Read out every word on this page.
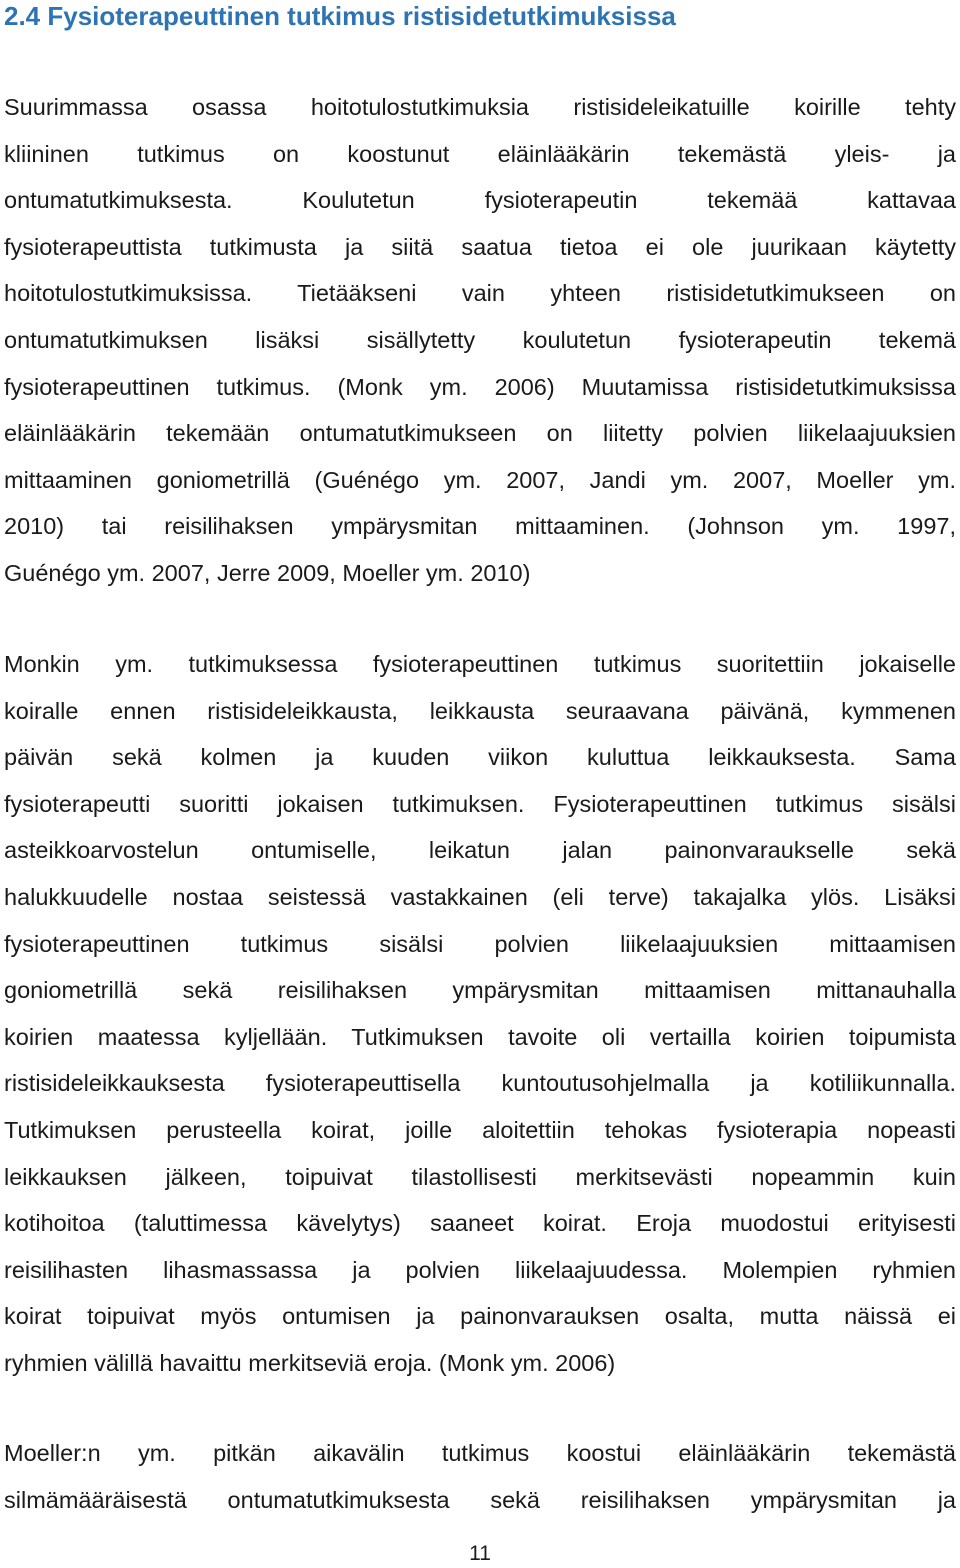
2.4 Fysioterapeuttinen tutkimus ristisidetutkimuksissa
Suurimmassa osassa hoitotulostutkimuksia ristisideleikatuille koirille tehty
kliininen tutkimus on koostunut eläinlääkärin tekemästä yleis- ja
ontumatutkimuksesta. Koulutetun fysioterapeutin tekemää kattavaa
fysioterapeuttista tutkimusta ja siitä saatua tietoa ei ole juurikaan käytetty
hoitotulostutkimuksissa. Tietääkseni vain yhteen ristisidetutkimukseen on
ontumatutkimuksen lisäksi sisällytetty koulutetun fysioterapeutin tekemä
fysioterapeuttinen tutkimus. (Monk ym. 2006) Muutamissa ristisidetutkimuksissa
eläinlääkärin tekemään ontumatutkimukseen on liitetty polvien liikelaajuuksien
mittaaminen goniometrillä (Guénégo ym. 2007, Jandi ym. 2007, Moeller ym.
2010) tai reisilihaksen ympärysmitan mittaaminen. (Johnson ym. 1997,
Guénégo ym. 2007, Jerre 2009, Moeller ym. 2010)
Monkin ym. tutkimuksessa fysioterapeuttinen tutkimus suoritettiin jokaiselle
koiralle ennen ristisideleikkausta, leikkausta seuraavana päivänä, kymmenen
päivän sekä kolmen ja kuuden viikon kuluttua leikkauksesta. Sama
fysioterapeutti suoritti jokaisen tutkimuksen. Fysioterapeuttinen tutkimus sisälsi
asteikkoarvostelun ontumiselle, leikatun jalan painonvaraukselle sekä
halukkuudelle nostaa seistessä vastakkainen (eli terve) takajalka ylös. Lisäksi
fysioterapeuttinen tutkimus sisälsi polvien liikelaajuuksien mittaamisen
goniometrillä sekä reisilihaksen ympärysmitan mittaamisen mittanauhalla
koirien maatessa kyljellään. Tutkimuksen tavoite oli vertailla koirien toipumista
ristisideleikkauksesta fysioterapeuttisella kuntoutusohjelmalla ja kotiliikunnalla.
Tutkimuksen perusteella koirat, joille aloitettiin tehokas fysioterapia nopeasti
leikkauksen jälkeen, toipuivat tilastollisesti merkitsevästi nopeammin kuin
kotihoitoa (taluttimessa kävelytys) saaneet koirat. Eroja muodostui erityisesti
reisilihasten lihasmassassa ja polvien liikelaajuudessa. Molempien ryhmien
koirat toipuivat myös ontumisen ja painonvarauksen osalta, mutta näissä ei
ryhmien välillä havaittu merkitseviä eroja. (Monk ym. 2006)
Moeller:n ym. pitkän aikavälin tutkimus koostui eläinlääkärin tekemästä
silmämääräisestä ontumatutkimuksesta sekä reisilihaksen ympärysmitan ja
11
